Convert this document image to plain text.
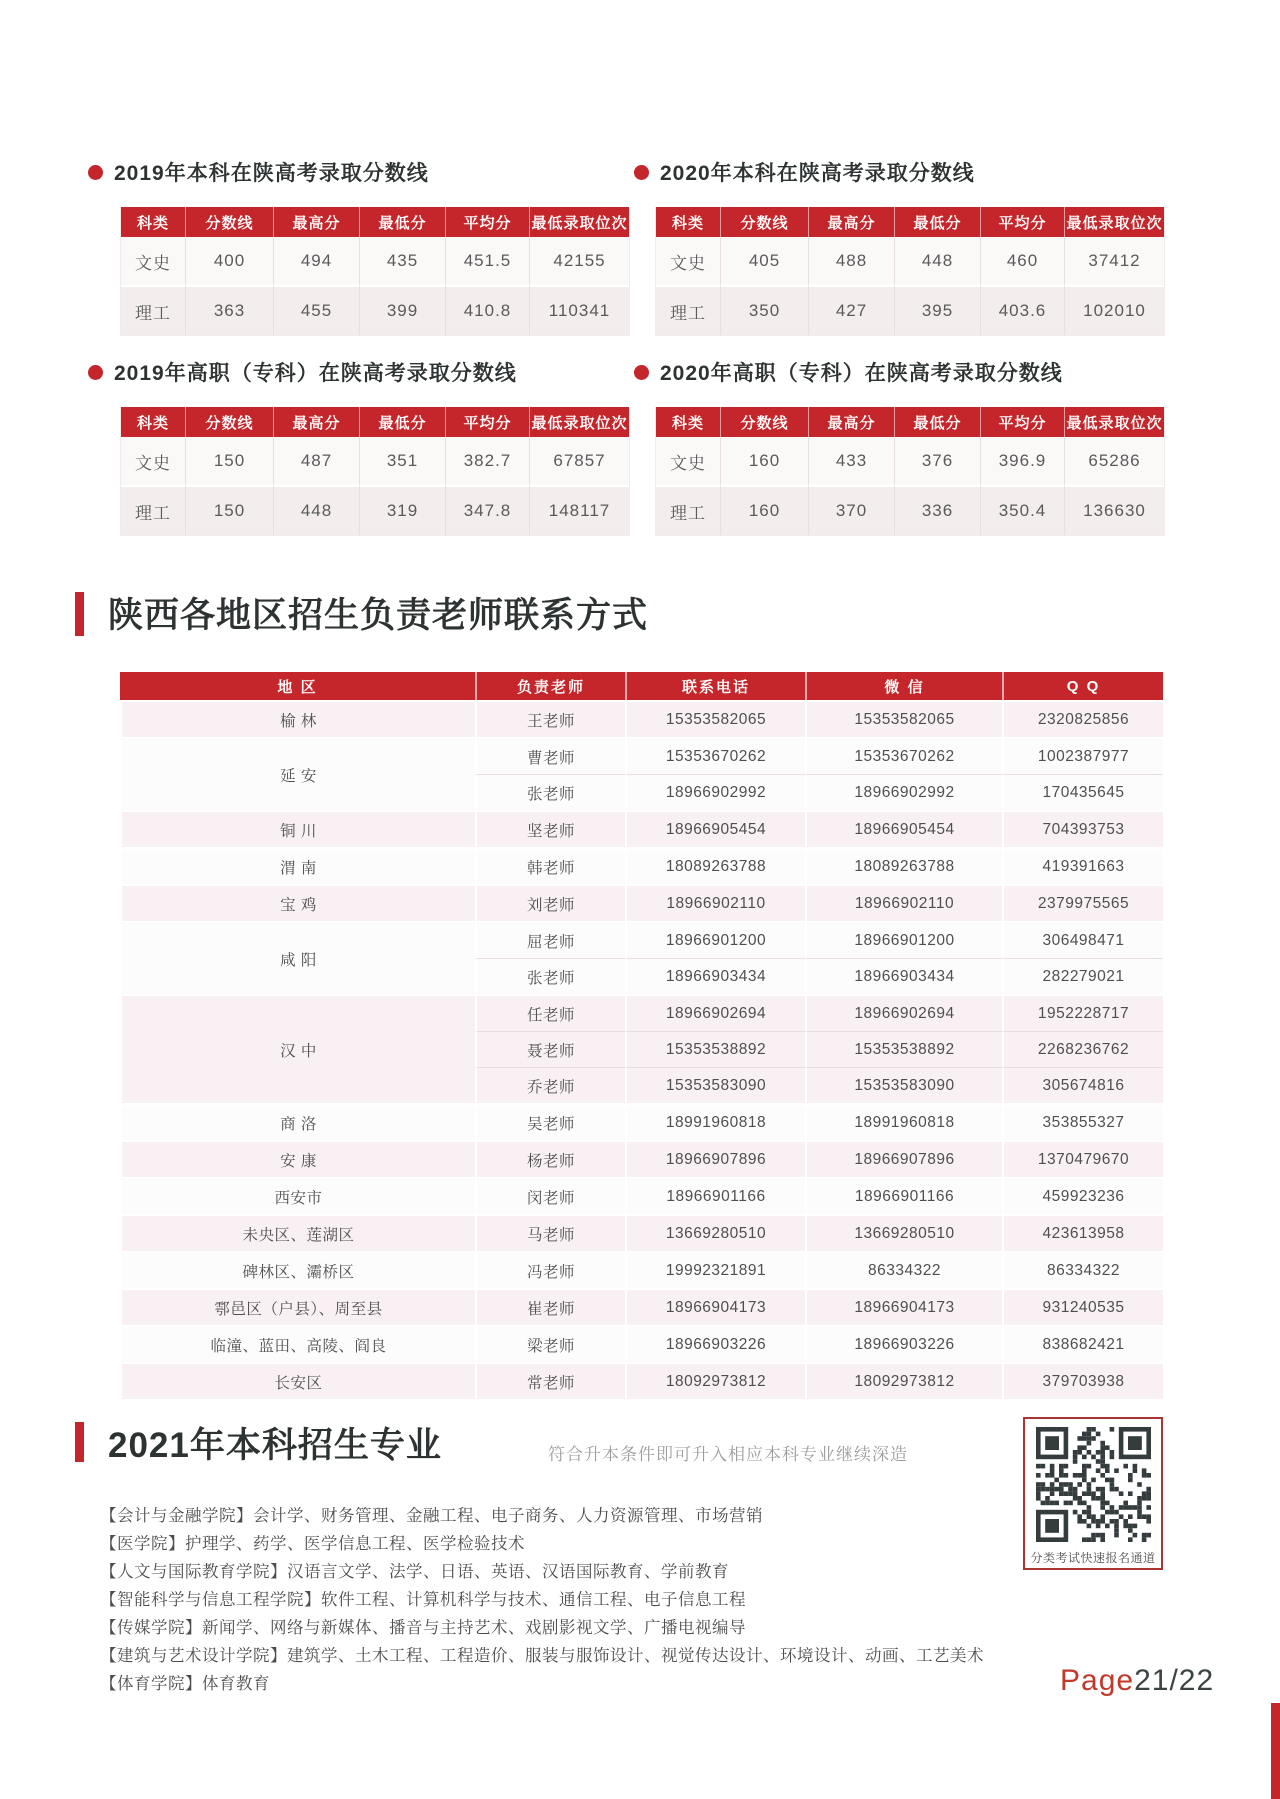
2019年本科在陕高考录取分数线
科类	分数线	最高分	最低分	平均分	最低录取位次
文史	400	494	435	451.5	42155
理工	363	455	399	410.8	110341
2020年本科在陕高考录取分数线
科类	分数线	最高分	最低分	平均分	最低录取位次
文史	405	488	448	460	37412
理工	350	427	395	403.6	102010
2019年高职（专科）在陕高考录取分数线
科类	分数线	最高分	最低分	平均分	最低录取位次
文史	150	487	351	382.7	67857
理工	150	448	319	347.8	148117
2020年高职（专科）在陕高考录取分数线
科类	分数线	最高分	最低分	平均分	最低录取位次
文史	160	433	376	396.9	65286
理工	160	370	336	350.4	136630
陕西各地区招生负责老师联系方式
地 区	负责老师	联系电话	微 信	Q Q
榆 林	王老师	15353582065	15353582065	2320825856
延 安	曹老师	15353670262	15353670262	1002387977
	张老师	18966902992	18966902992	170435645
铜 川	坚老师	18966905454	18966905454	704393753
渭 南	韩老师	18089263788	18089263788	419391663
宝 鸡	刘老师	18966902110	18966902110	2379975565
咸 阳	屈老师	18966901200	18966901200	306498471
	张老师	18966903434	18966903434	282279021
汉 中	任老师	18966902694	18966902694	1952228717
	聂老师	15353538892	15353538892	2268236762
	乔老师	15353583090	15353583090	305674816
商 洛	吴老师	18991960818	18991960818	353855327
安 康	杨老师	18966907896	18966907896	1370479670
西安市	闵老师	18966901166	18966901166	459923236
未央区、莲湖区	马老师	13669280510	13669280510	423613958
碑林区、灞桥区	冯老师	19992321891	86334322	86334322
鄠邑区（户县）、周至县	崔老师	18966904173	18966904173	931240535
临潼、蓝田、高陵、阎良	梁老师	18966903226	18966903226	838682421
长安区	常老师	18092973812	18092973812	379703938
2021年本科招生专业	符合升本条件即可升入相应本科专业继续深造
【会计与金融学院】会计学、财务管理、金融工程、电子商务、人力资源管理、市场营销
【医学院】护理学、药学、医学信息工程、医学检验技术
【人文与国际教育学院】汉语言文学、法学、日语、英语、汉语国际教育、学前教育
【智能科学与信息工程学院】软件工程、计算机科学与技术、通信工程、电子信息工程
【传媒学院】新闻学、网络与新媒体、播音与主持艺术、戏剧影视文学、广播电视编导
【建筑与艺术设计学院】建筑学、土木工程、工程造价、服装与服饰设计、视觉传达设计、环境设计、动画、工艺美术
【体育学院】体育教育
分类考试快速报名通道
Page21/22
